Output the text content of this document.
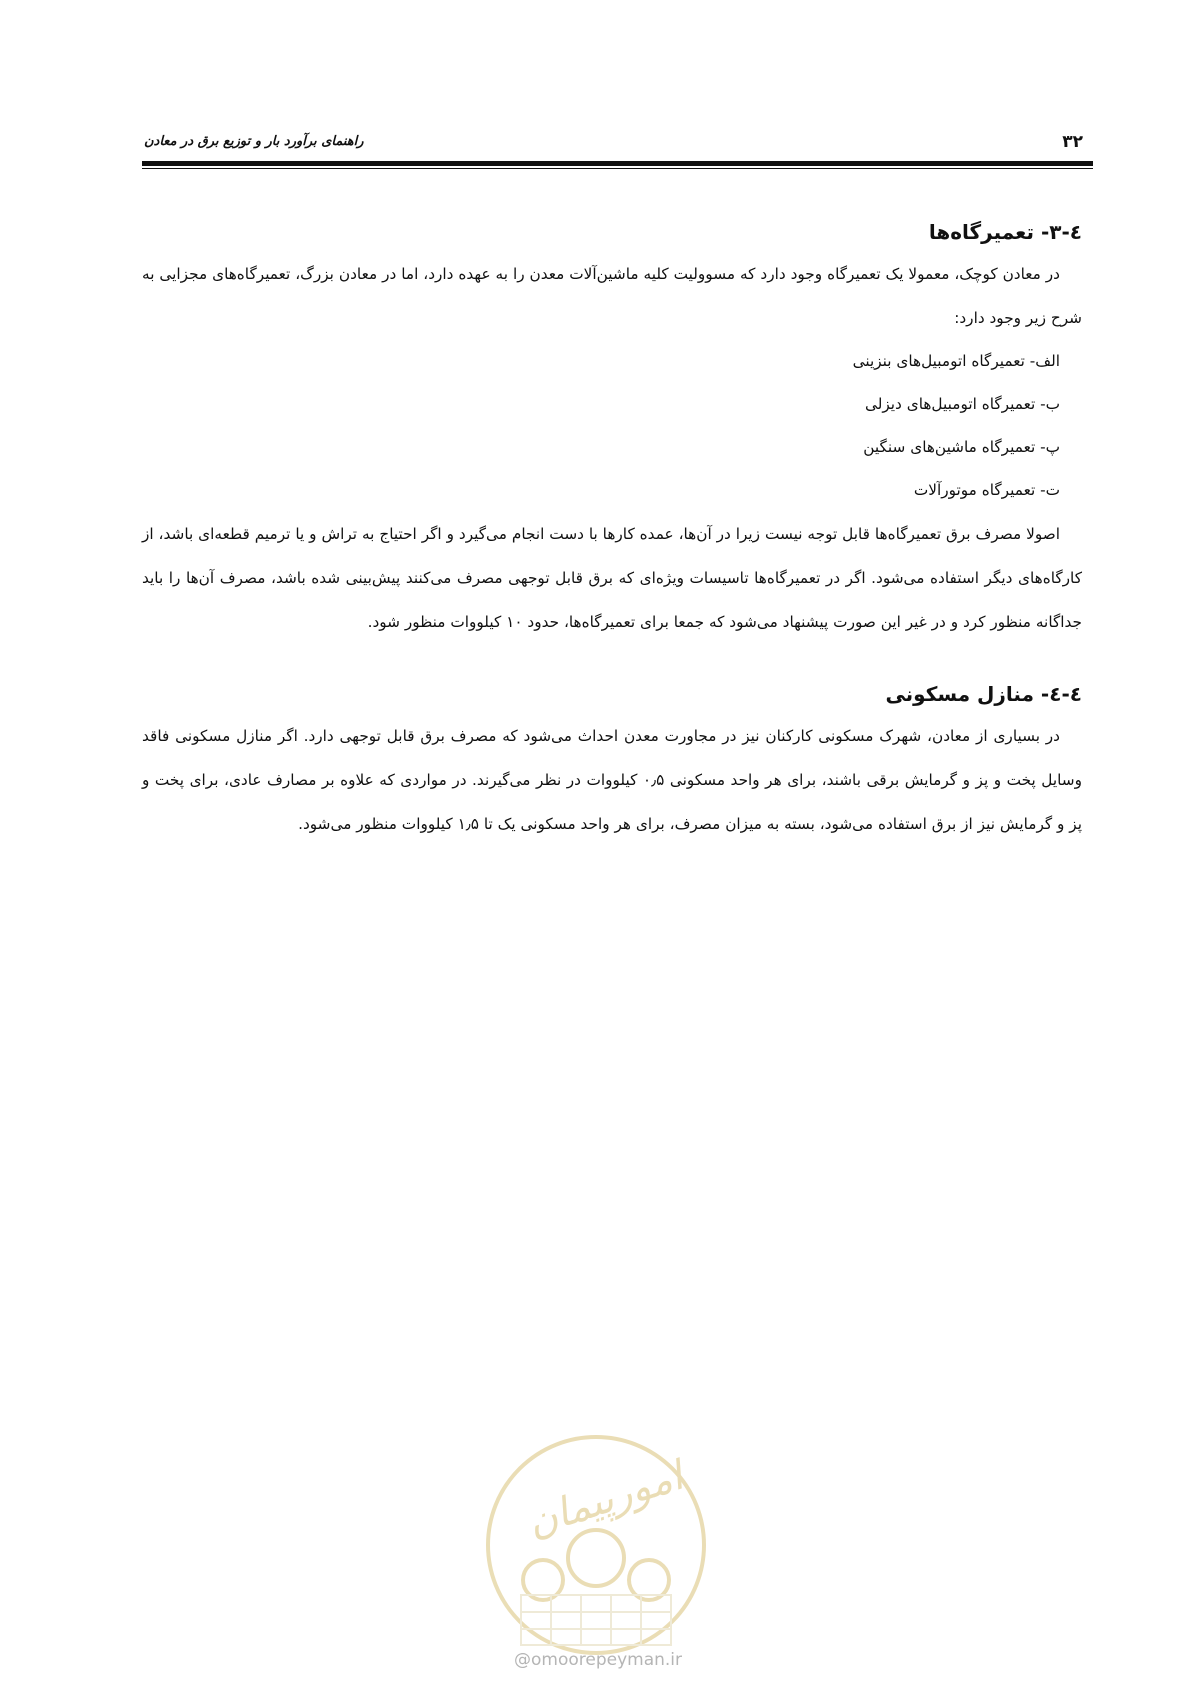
۳۲
راهنمای برآورد بار و توزیع برق در معادن
٤-٣- تعمیرگاه‌ها

در معادن کوچک، معمولا یک تعمیرگاه وجود دارد که مسوولیت کلیه ماشین‌آلات معدن را به عهده دارد، اما در معادن بزرگ، تعمیرگاه‌های مجزایی به شرح زیر وجود دارد:

الف- تعمیرگاه اتومبیل‌های بنزینی
ب- تعمیرگاه اتومبیل‌های دیزلی
پ- تعمیرگاه ماشین‌های سنگین
ت- تعمیرگاه موتورآلات

اصولا مصرف برق تعمیرگاه‌ها قابل توجه نیست زیرا در آن‌ها، عمده کارها با دست انجام می‌گیرد و اگر احتیاج به تراش و یا ترمیم قطعه‌ای باشد، از کارگاه‌های دیگر استفاده می‌شود. اگر در تعمیرگاه‌ها تاسیسات ویژه‌ای که برق قابل توجهی مصرف می‌کنند پیش‌بینی شده باشد، مصرف آن‌ها را باید جداگانه منظور کرد و در غیر این صورت پیشنهاد می‌شود که جمعا برای تعمیرگاه‌ها، حدود ۱۰ کیلووات منظور شود.

٤-٤- منازل مسکونی

در بسیاری از معادن، شهرک مسکونی کارکنان نیز در مجاورت معدن احداث می‌شود که مصرف برق قابل توجهی دارد. اگر منازل مسکونی فاقد وسایل پخت و پز و گرمایش برقی باشند، برای هر واحد مسکونی ۰٫۵ کیلووات در نظر می‌گیرند. در مواردی که علاوه بر مصارف عادی، برای پخت و پز و گرمایش نیز از برق استفاده می‌شود، بسته به میزان مصرف، برای هر واحد مسکونی یک تا ۱٫۵ کیلووات منظور می‌شود.

امورپیمان
@omoorepeyman.ir
